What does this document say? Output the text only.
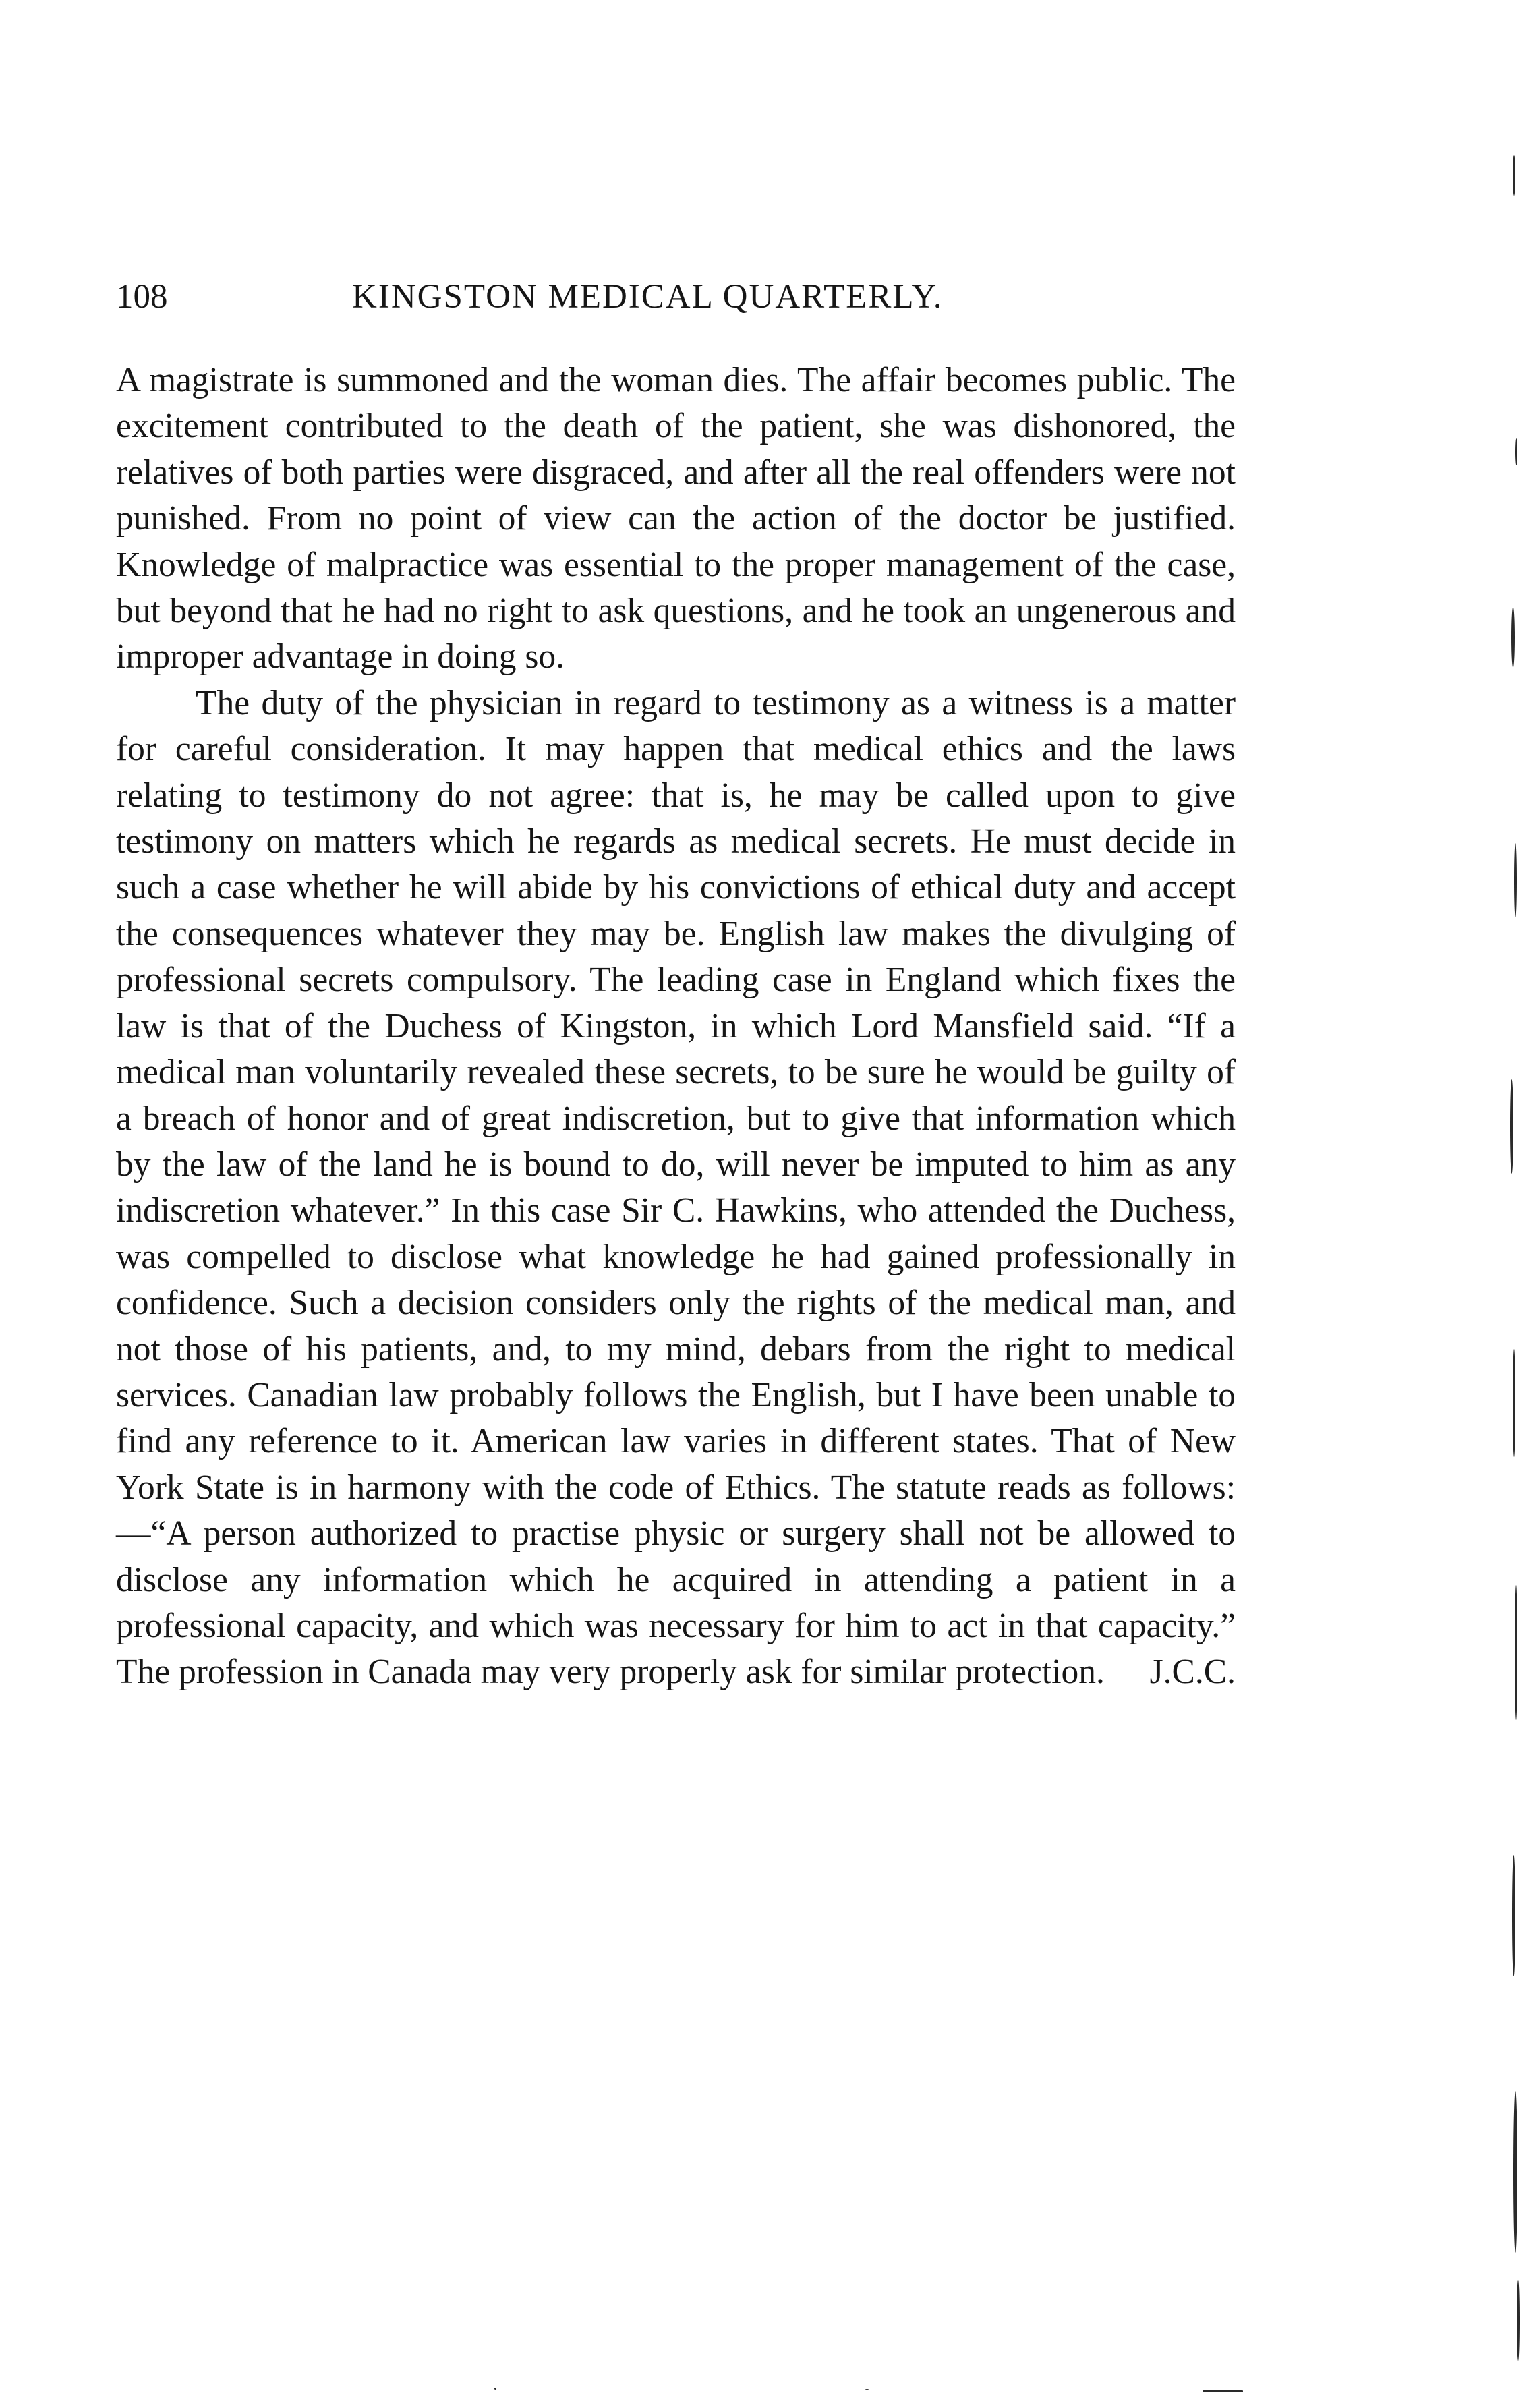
108	KINGSTON MEDICAL QUARTERLY.

A magistrate is summoned and the woman dies. The affair becomes public. The excitement contributed to the death of the patient, she was dishonored, the relatives of both parties were disgraced, and after all the real offenders were not punished. From no point of view can the action of the doctor be justified. Knowledge of malpractice was essential to the proper management of the case, but beyond that he had no right to ask questions, and he took an ungenerous and improper advantage in doing so.

The duty of the physician in regard to testimony as a witness is a matter for careful consideration. It may happen that medical ethics and the laws relating to testimony do not agree: that is, he may be called upon to give testimony on matters which he regards as medical secrets. He must decide in such a case whether he will abide by his convictions of ethical duty and accept the consequences whatever they may be. English law makes the divulging of professional secrets compulsory. The leading case in England which fixes the law is that of the Duchess of Kingston, in which Lord Mansfield said. “If a medical man voluntarily revealed these secrets, to be sure he would be guilty of a breach of honor and of great indiscretion, but to give that information which by the law of the land he is bound to do, will never be imputed to him as any indiscretion whatever.” In this case Sir C. Hawkins, who attended the Duchess, was compelled to disclose what knowledge he had gained professionally in confidence. Such a decision considers only the rights of the medical man, and not those of his patients, and, to my mind, debars from the right to medical services. Canadian law probably follows the English, but I have been unable to find any reference to it. American law varies in different states. That of New York State is in harmony with the code of Ethics. The statute reads as follows:—“A person authorized to practise physic or surgery shall not be allowed to disclose any information which he acquired in attending a patient in a professional capacity, and which was necessary for him to act in that capacity.” The profession in Canada may very properly ask for similar protection. J.C.C.
